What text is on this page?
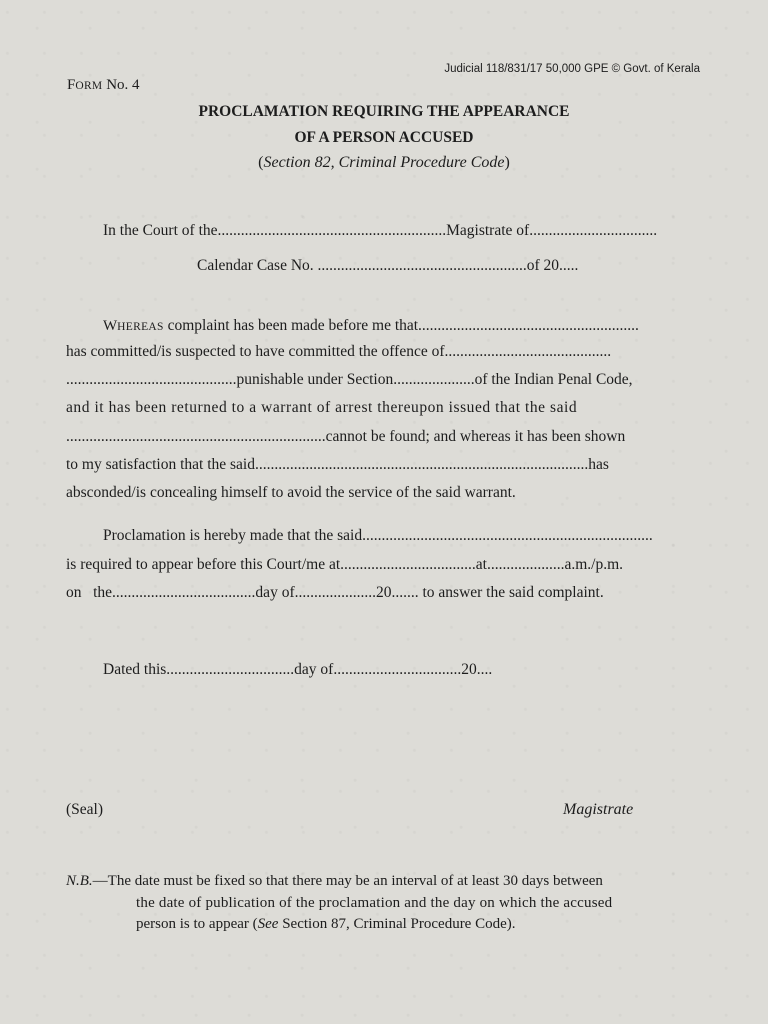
Judicial 118/831/17 50,000 GPE © Govt. of Kerala
FORM No. 4
PROCLAMATION REQUIRING THE APPEARANCE
OF A PERSON ACCUSED
(Section 82, Criminal Procedure Code)
In the Court of the...........................................................Magistrate of.................................
Calendar Case No. ......................................................of 20.....
WHEREAS complaint has been made before me that.........................................................
has committed/is suspected to have committed the offence of...........................................
............................................punishable under Section.....................of the Indian Penal Code,
and it has been returned to a warrant of arrest thereupon issued that the said
...................................................................cannot be found; and whereas it has been shown
to my satisfaction that the said......................................................................................has
absconded/is concealing himself to avoid the service of the said warrant.
Proclamation is hereby made that the said...........................................................................
is required to appear before this Court/me at...................................at....................a.m./p.m.
on the.....................................day of.....................20....... to answer the said complaint.
Dated this.................................day of.................................20....
(Seal)	Magistrate
N.B.—The date must be fixed so that there may be an interval of at least 30 days between
the date of publication of the proclamation and the day on which the accused
person is to appear (See Section 87, Criminal Procedure Code).
